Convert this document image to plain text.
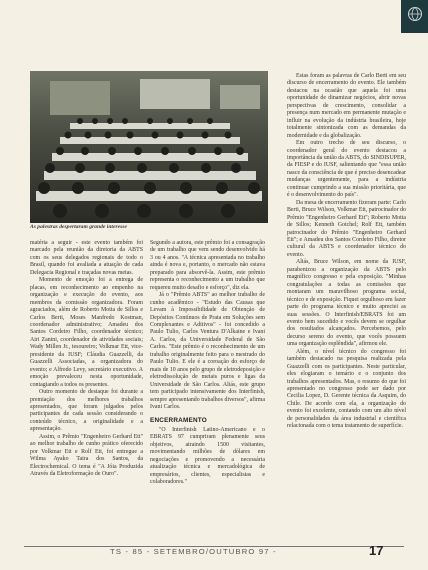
As palestras despertaram grande interesse

matéria a seguir - este evento também foi marcado pela reunião da diretoria da ABTS com os seus delegados regionais de todo o Brasil, quando foi avaliada a atuação de cada Delegacia Regional e traçadas novas metas.

Momento de emoção foi a entrega de placas, em reconhecimento ao empenho na organização e execução do evento, aos membros da comissão organizadora. Foram agraciados, além de Roberto Motta de Sillos e Carlos Berti, Moses Manfredo Kostman, coordenador administrativo; Amadeu dos Santos Cordeiro Filho, coordenador técnico; Airi Zanini, coordenador de atividades sociais; Wady Millen Jr., tesoureiro; Volkmar Ett, vice-presidente da IUSF; Cláudia Guazzelli, da Guazzelli Associadas, a organizadora do evento; e Alfredo Levy, secretário executivo. A emoção prevaleceu nesta oportunidade, contagiando a todos os presentes.

Outro momento de destaque foi durante a premiação dos melhores trabalhos apresentados, que foram julgados pelos participantes de cada sessão considerando o conteúdo técnico, a originalidade e a apresentação.

Assim, o Prêmio "Engenheiro Gerhard Ett" ao melhor trabalho de cunho prático oferecido por Volkmar Ett e Rolf Ett, foi entregue a Wilma Ayako Taira dos Santos, da Electrochemical. O tema é "A Jóia Produzida Através da Eletroformação de Ouro".

Segundo a autora, este prêmio foi a consagração de um trabalho que vem sendo desenvolvido há 3 ou 4 anos. "A técnica apresentada no trabalho ainda é nova e, portanto, o mercado não estava preparado para absorvê-la. Assim, este prêmio representa o reconhecimento a um trabalho que requereu muito desafio e esforço", diz ela.

Já o "Prêmio ABTS" ao melhor trabalho de cunho acadêmico - "Estudo das Causas que Levam à Impossibilidade de Obtenção de Depósitos Contínuos de Prata em Soluções sem Complexantes e Aditivos" - foi concedido a Paulo Tulio, Carlos Ventura D'Alkaine e Ivani A. Carlos, da Universidade Federal de São Carlos. "Este prêmio é o reconhecimento de um trabalho originalmente feito para o mestrado do Paulo Tulio. E ele é a coroação do esforço de mais de 10 anos pelo grupo de eletrodeposição e eletrodissolução de metais puros e ligas da Universidade de São Carlos. Aliás, este grupo tem participado intensivamente dos Interfinish, sempre apresentando trabalhos diversos", afirma Ivani Carlos.

ENCERRAMENTO

"O Interfinish Latino-Americano e o EBRATS 97 cumpriram plenamente seus objetivos, atraindo 1500 visitantes, movimentando milhões de dólares em negociações e promovendo a necessária atualização técnica e mercadológica de empresários, clientes, especialistas e colaboradores."

Estas foram as palavras de Carlo Berti em seu discurso de encerramento do evento. Ele também destacou na ocasião que aquela foi uma oportunidade de dinamizar negócios, abrir novas perspectivas de crescimento, consolidar a presença num mercado em permanente mutação e influir na evolução da indústria brasileira, hoje totalmente sintonizada com as demandas da modernidade e da globalização.

Em outro trecho de seu discurso, o coordenador geral do evento destacou a importância da união da ABTS, do SINDISUPER, da FIESP e do IUSF, salientando que "essa união nasce da consciência de que é preciso desencadear mudanças urgentemente, para a indústria continuar cumprindo a sua missão prioritária, que é o desenvolvimento do país".

Da mesa de encerramento fizeram parte: Carlo Berti, Bruce Wilson, Volkmar Ett, patrocinador do Prêmio "Engenheiro Gerhard Ett"; Roberto Motta de Sillos; Kenneth Gotchel; Rolf Ett, também patrocinador do Prêmio "Engenheiro Gerhard Ett"; e Amadeu dos Santos Cordeiro Filho, diretor cultural da ABTS e coordenador técnico do evento.

Aliás, Bruce Wilson, em nome da IUSF, parabenizou a organização da ABTS pelo magnífico congresso e pela exposição. "Minhas congratulações a todas as comissões que montaram um maravilhoso programa social, técnico e de exposição. Fiquei orgulhoso em fazer parte do programa técnico e muito apreciei as suas sessões. O Interfinish/EBRATS foi um evento bem sucedido e vocês devem se orgulhar dos resultados alcançados. Percebemos, pelo decurso sereno do evento, que vocês possuem uma organização esplêndida", afirmou ele.

Além, o nível técnico do congresso foi também destacado na pesquisa realizada pela Guazzelli com os participantes. Neste particular, eles elogiaram o temário e o conjunto dos trabalhos apresentados. Mas, o resumo do que foi apresentado no congresso pode ser dado por Cecilia Lopez, D. Gerente técnica da Asquim, do Chile. De acordo com ela, a organização do evento foi excelente, contando com um alto nível de personalidades da área industrial e científica relacionada com o tema tratamento de superfície.

TS - 85 - SETEMBRO/OUTUBRO 97 -	17
